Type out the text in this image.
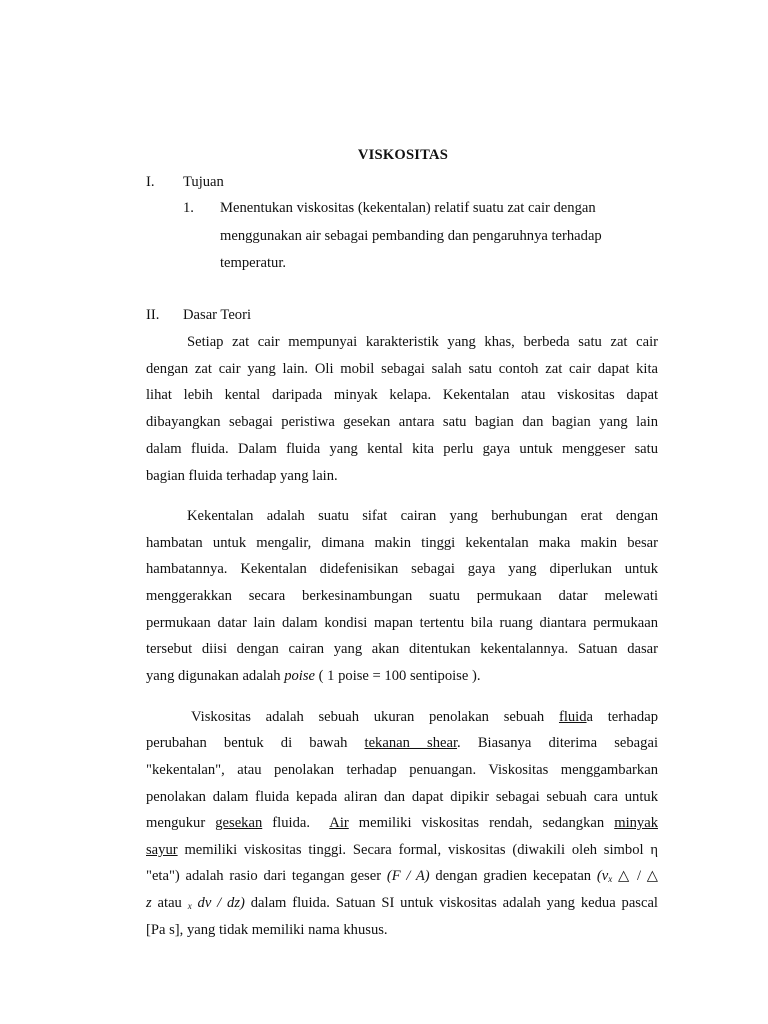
VISKOSITAS
I. Tujuan
1. Menentukan viskositas (kekentalan) relatif suatu zat cair dengan
menggunakan air sebagai pembanding dan pengaruhnya terhadap
temperatur.
II. Dasar Teori
Setiap zat cair mempunyai karakteristik yang khas, berbeda satu zat cair
dengan zat cair yang lain. Oli mobil sebagai salah satu contoh zat cair dapat kita
lihat lebih kental daripada minyak kelapa. Kekentalan atau viskositas dapat
dibayangkan sebagai peristiwa gesekan antara satu bagian dan bagian yang lain
dalam fluida. Dalam fluida yang kental kita perlu gaya untuk menggeser satu
bagian fluida terhadap yang lain.
Kekentalan adalah suatu sifat cairan yang berhubungan erat dengan
hambatan untuk mengalir, dimana makin tinggi kekentalan maka makin besar
hambatannya. Kekentalan didefenisikan sebagai gaya yang diperlukan untuk
menggerakkan secara berkesinambungan suatu permukaan datar melewati
permukaan datar lain dalam kondisi mapan tertentu bila ruang diantara permukaan
tersebut diisi dengan cairan yang akan ditentukan kekentalannya. Satuan dasar
yang digunakan adalah poise ( 1 poise = 100 sentipoise ).
Viskositas adalah sebuah ukuran penolakan sebuah fluida terhadap
perubahan bentuk di bawah tekanan shear. Biasanya diterima sebagai
"kekentalan", atau penolakan terhadap penuangan. Viskositas menggambarkan
penolakan dalam fluida kepada aliran dan dapat dipikir sebagai sebuah cara untuk
mengukur gesekan fluida.  Air memiliki viskositas rendah, sedangkan minyak
sayur memiliki viskositas tinggi. Secara formal, viskositas (diwakili oleh simbol η
"eta") adalah rasio dari tegangan geser (F / A) dengan gradien kecepatan ($v_x$ △ / △
z atau $_x$ dv / dz) dalam fluida. Satuan SI untuk viskositas adalah yang kedua pascal
[Pa s], yang tidak memiliki nama khusus.
